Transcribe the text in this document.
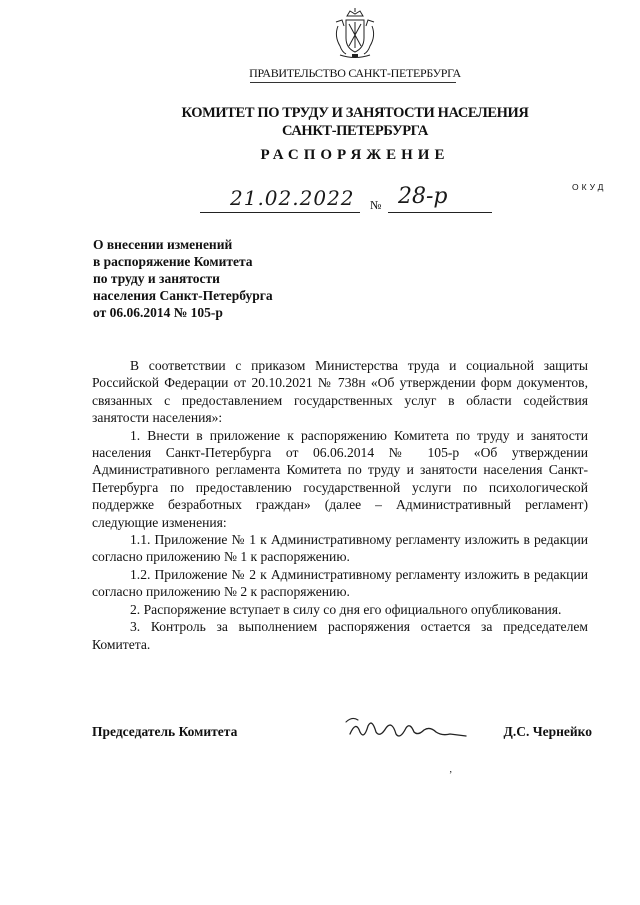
ПРАВИТЕЛЬСТВО САНКТ-ПЕТЕРБУРГА
КОМИТЕТ ПО ТРУДУ И ЗАНЯТОСТИ НАСЕЛЕНИЯ
САНКТ-ПЕТЕРБУРГА
РАСПОРЯЖЕНИЕ
ОКУД
21.02.2022 № 28-р
О внесении изменений
в распоряжение Комитета
по труду и занятости
населения Санкт-Петербурга
от 06.06.2014 № 105-р

В соответствии с приказом Министерства труда и социальной защиты Российской Федерации от 20.10.2021 № 738н «Об утверждении форм документов, связанных с предоставлением государственных услуг в области содействия занятости населения»:

1. Внести в приложение к распоряжению Комитета по труду и занятости населения Санкт-Петербурга от 06.06.2014 № 105-р «Об утверждении Административного регламента Комитета по труду и занятости населения Санкт-Петербурга по предоставлению государственной услуги по психологической поддержке безработных граждан» (далее – Административный регламент) следующие изменения:

1.1. Приложение № 1 к Административному регламенту изложить в редакции согласно приложению № 1 к распоряжению.

1.2. Приложение № 2 к Административному регламенту изложить в редакции согласно приложению № 2 к распоряжению.

2. Распоряжение вступает в силу со дня его официального опубликования.

3. Контроль за выполнением распоряжения остается за председателем Комитета.

Председатель Комитета	Д.С. Чернейко
‚
